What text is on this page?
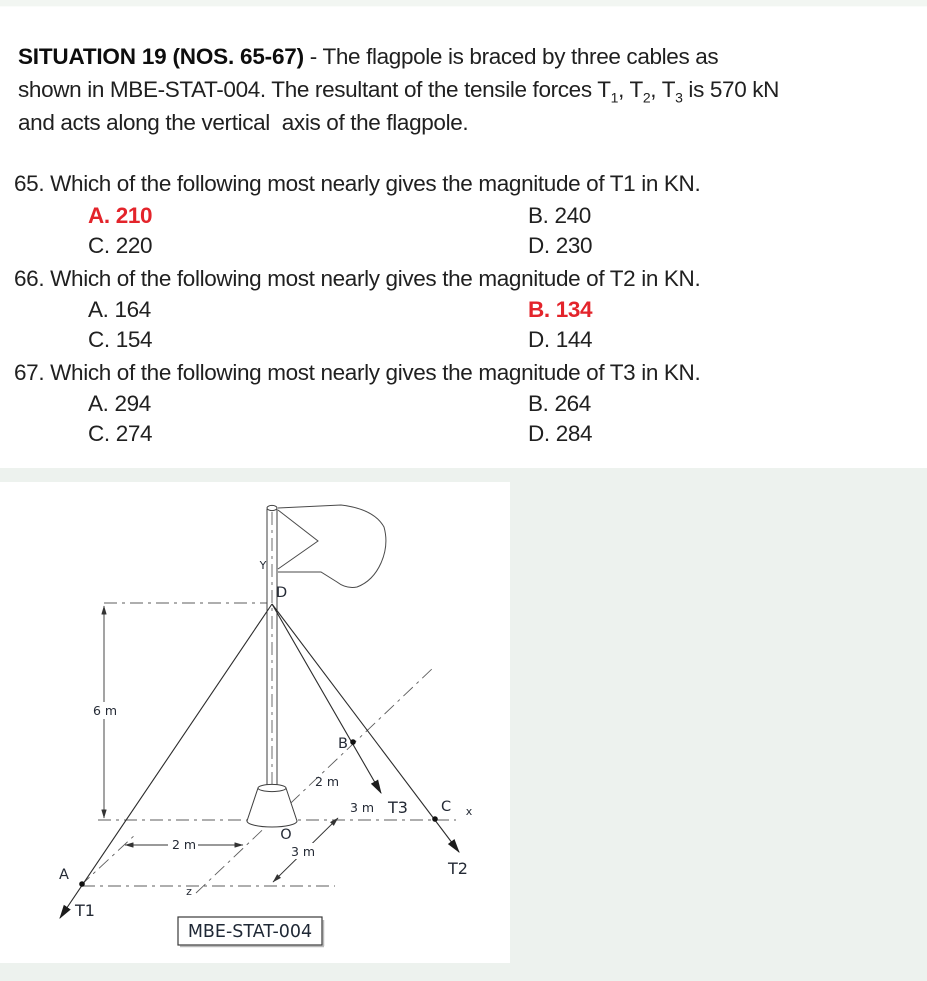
SITUATION 19 (NOS. 65-67) - The flagpole is braced by three cables as
shown in MBE-STAT-004. The resultant of the tensile forces $T_1$, $T_2$, $T_3$ is 570 kN
and acts along the vertical  axis of the flagpole.
65. Which of the following most nearly gives the magnitude of T1 in KN.
A. 210	B. 240
C. 220	D. 230
66. Which of the following most nearly gives the magnitude of T2 in KN.
A. 164	B. 134
C. 154	D. 144
67. Which of the following most nearly gives the magnitude of T3 in KN.
A. 294	B. 264
C. 274	D. 284
Y
D
6 m
B
2 m
3 m T3 C x
O
2 m	3 m
A
z
T1
T2
MBE-STAT-004
